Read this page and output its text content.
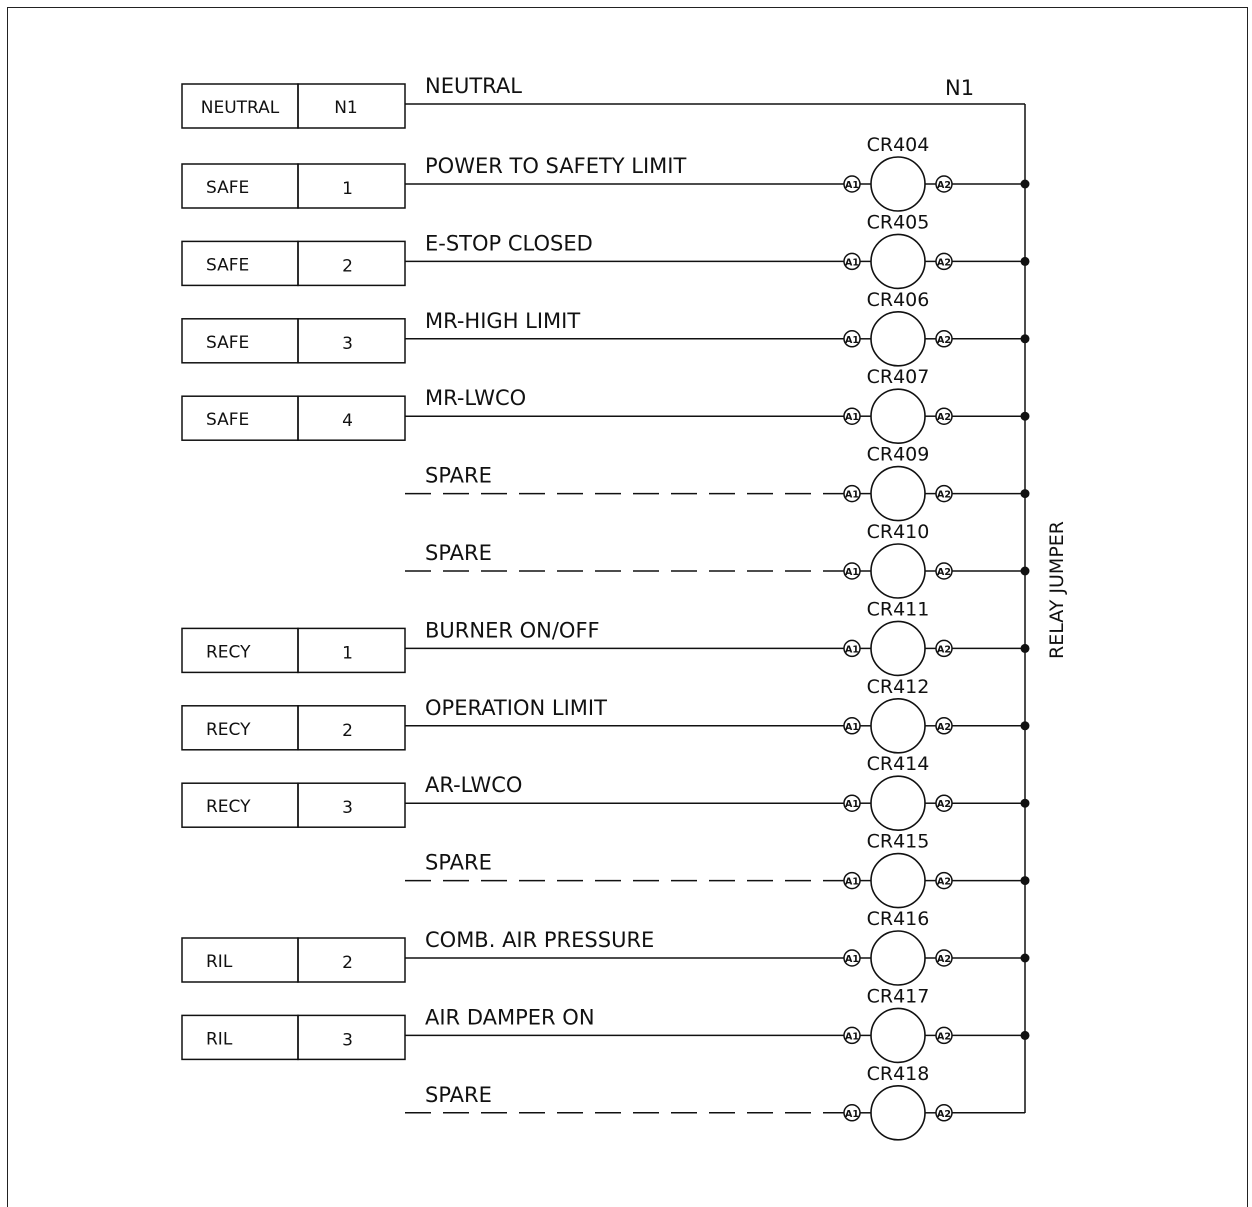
NEUTRAL	N1
NEUTRAL	N1
RELAY JUMPER
SAFE	1
POWER TO SAFETY LIMIT
A1
CR404
A2
SAFE	2
E-STOP CLOSED
A1
CR405
A2
SAFE	3
MR-HIGH LIMIT
A1
CR406
A2
SAFE	4
MR-LWCO
A1
CR407
A2
SPARE
A1
CR409
A2
SPARE
A1
CR410
A2
RECY	1
BURNER ON/OFF
A1
CR411
A2
RECY	2
OPERATION LIMIT
A1
CR412
A2
RECY	3
AR-LWCO
A1
CR414
A2
SPARE
A1
CR415
A2
RIL	2
COMB. AIR PRESSURE
A1
CR416
A2
RIL	3
AIR DAMPER ON
A1
CR417
A2
SPARE
A1
CR418
A2
